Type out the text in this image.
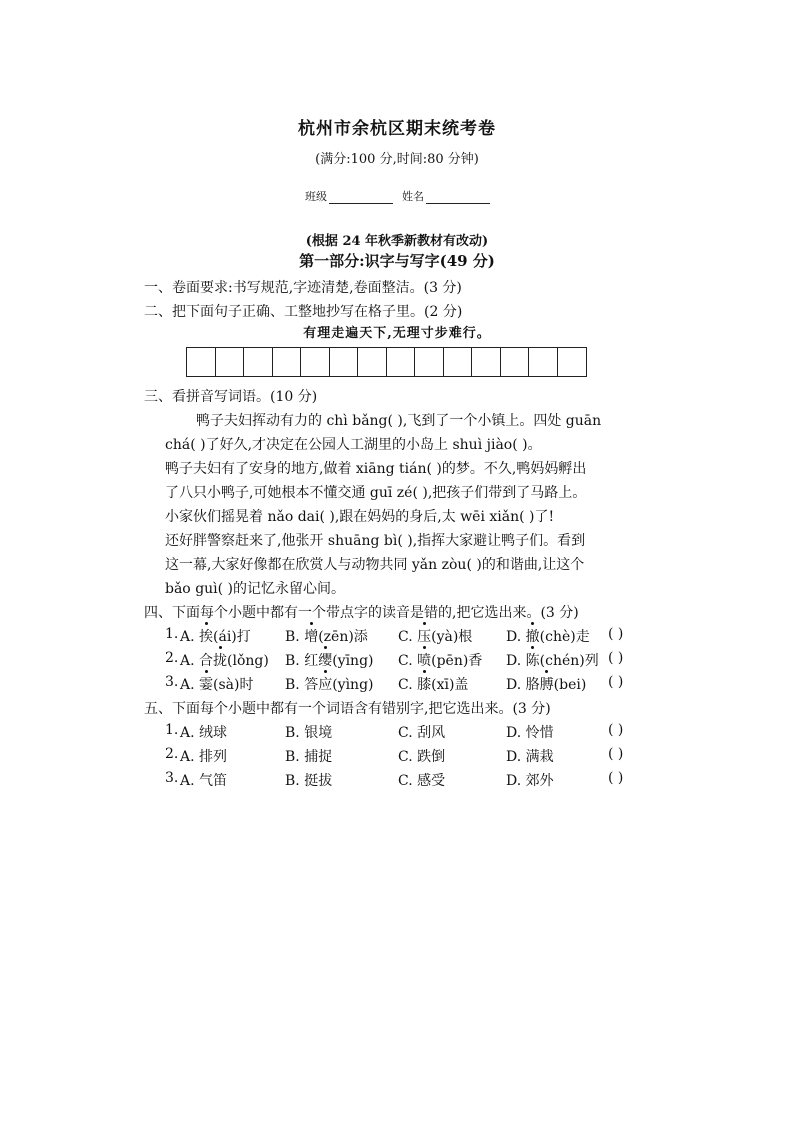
杭州市余杭区期末统考卷
(满分:100 分,时间:80 分钟)
班级	姓名
(根据 24 年秋季新教材有改动)
第一部分:识字与写字(49 分)
一、卷面要求:书写规范,字迹清楚,卷面整洁。(3 分)
二、把下面句子正确、工整地抄写在格子里。(2 分)
有理走遍天下,无理寸步难行。
三、看拼音写词语。(10 分)
鸭子夫妇挥动有力的 chì bǎng( ),飞到了一个小镇上。四处 guān
chá( )了好久,才决定在公园人工湖里的小岛上 shuì jiào( )。
鸭子夫妇有了安身的地方,做着 xiāng tián( )的梦。不久,鸭妈妈孵出
了八只小鸭子,可她根本不懂交通 guī zé( ),把孩子们带到了马路上。
小家伙们摇晃着 nǎo dai( ),跟在妈妈的身后,太 wēi xiǎn( )了!
还好胖警察赶来了,他张开 shuāng bì( ),指挥大家避让鸭子们。看到
这一幕,大家好像都在欣赏人与动物共同 yǎn zòu( )的和谐曲,让这个
bǎo guì( )的记忆永留心间。
四、下面每个小题中都有一个带点字的读音是错的,把它选出来。(3 分)
1. A. 挨(ái)打 B. 增(zēn)添 C. 压(yà)根 D. 撤(chè)走 ( )
2. A. 合拢(lǒng) B. 红缨(yīng) C. 喷(pēn)香 D. 陈(chén)列 ( )
3. A. 霎(sà)时 B. 答应(yìng) C. 膝(xī)盖	D. 胳膊(bei) ( )
五、下面每个小题中都有一个词语含有错别字,把它选出来。(3 分)
1. A. 绒球	B. 银境	C. 刮风	D. 怜惜	( )
2. A. 排列	B. 捕捉	C. 跌倒	D. 满栽	( )
3. A. 气笛	B. 挺拔	C. 感受	D. 郊外	( )
